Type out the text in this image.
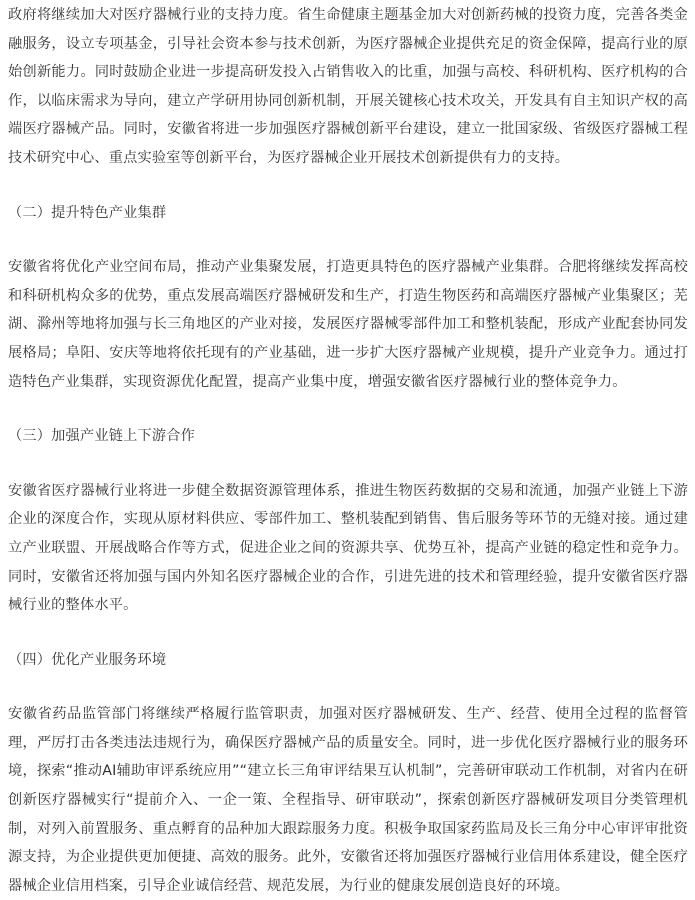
政府将继续加大对医疗器械行业的支持力度。省生命健康主题基金加大对创新药械的投资力度，完善各类金融服务，设立专项基金，引导社会资本参与技术创新，为医疗器械企业提供充足的资金保障，提高行业的原始创新能力。同时鼓励企业进一步提高研发投入占销售收入的比重，加强与高校、科研机构、医疗机构的合作，以临床需求为导向，建立产学研用协同创新机制，开展关键核心技术攻关，开发具有自主知识产权的高端医疗器械产品。同时，安徽省将进一步加强医疗器械创新平台建设，建立一批国家级、省级医疗器械工程技术研究中心、重点实验室等创新平台，为医疗器械企业开展技术创新提供有力的支持。

（二）提升特色产业集群

安徽省将优化产业空间布局，推动产业集聚发展，打造更具特色的医疗器械产业集群。合肥将继续发挥高校和科研机构众多的优势，重点发展高端医疗器械研发和生产，打造生物医药和高端医疗器械产业集聚区；芜湖、滁州等地将加强与长三角地区的产业对接，发展医疗器械零部件加工和整机装配，形成产业配套协同发展格局；阜阳、安庆等地将依托现有的产业基础，进一步扩大医疗器械产业规模，提升产业竞争力。通过打造特色产业集群，实现资源优化配置，提高产业集中度，增强安徽省医疗器械行业的整体竞争力。

（三）加强产业链上下游合作

安徽省医疗器械行业将进一步健全数据资源管理体系，推进生物医药数据的交易和流通，加强产业链上下游企业的深度合作，实现从原材料供应、零部件加工、整机装配到销售、售后服务等环节的无缝对接。通过建立产业联盟、开展战略合作等方式，促进企业之间的资源共享、优势互补，提高产业链的稳定性和竞争力。同时，安徽省还将加强与国内外知名医疗器械企业的合作，引进先进的技术和管理经验，提升安徽省医疗器械行业的整体水平。

（四）优化产业服务环境

安徽省药品监管部门将继续严格履行监管职责，加强对医疗器械研发、生产、经营、使用全过程的监督管理，严厉打击各类违法违规行为，确保医疗器械产品的质量安全。同时，进一步优化医疗器械行业的服务环境，探索“推动AI辅助审评系统应用”“建立长三角审评结果互认机制”，完善研审联动工作机制，对省内在研创新医疗器械实行“提前介入、一企一策、全程指导、研审联动”，探索创新医疗器械研发项目分类管理机制，对列入前置服务、重点孵育的品种加大跟踪服务力度。积极争取国家药监局及长三角分中心审评审批资源支持，为企业提供更加便捷、高效的服务。此外，安徽省还将加强医疗器械行业信用体系建设，健全医疗器械企业信用档案，引导企业诚信经营、规范发展，为行业的健康发展创造良好的环境。
